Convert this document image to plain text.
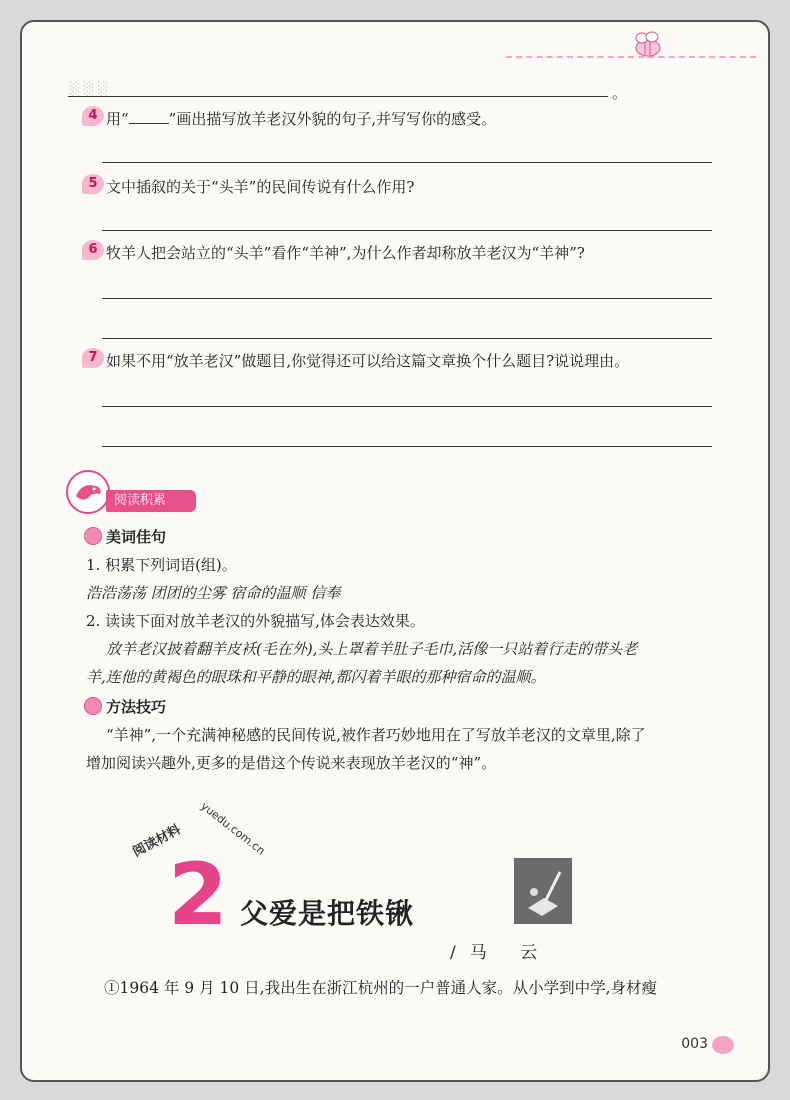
░ ░ ░	。
4 用“	”画出描写放羊老汉外貌的句子,并写写你的感受。
5 文中插叙的关于“头羊”的民间传说有什么作用?
6 牧羊人把会站立的“头羊”看作“羊神”,为什么作者却称放羊老汉为“羊神”?
7 如果不用“放羊老汉”做题目,你觉得还可以给这篇文章换个什么题目?说说理由。
阅读积累
美词佳句
1. 积累下列词语(组)。
浩浩荡荡 团团的尘雾 宿命的温顺 信奉
2. 读读下面对放羊老汉的外貌描写,体会表达效果。
放羊老汉披着翻羊皮袄(毛在外),头上罩着羊肚子毛巾,活像一只站着行走的带头老
羊,连他的黄褐色的眼珠和平静的眼神,都闪着羊眼的那种宿命的温顺。
方法技巧
“羊神”,一个充满神秘感的民间传说,被作者巧妙地用在了写放羊老汉的文章里,除了
增加阅读兴趣外,更多的是借这个传说来表现放羊老汉的“神”。
阅读材料 yuedu.com.cn
2 父爱是把铁锹
/马 云
①1964 年 9 月 10 日,我出生在浙江杭州的一户普通人家。从小学到中学,身材瘦
003
